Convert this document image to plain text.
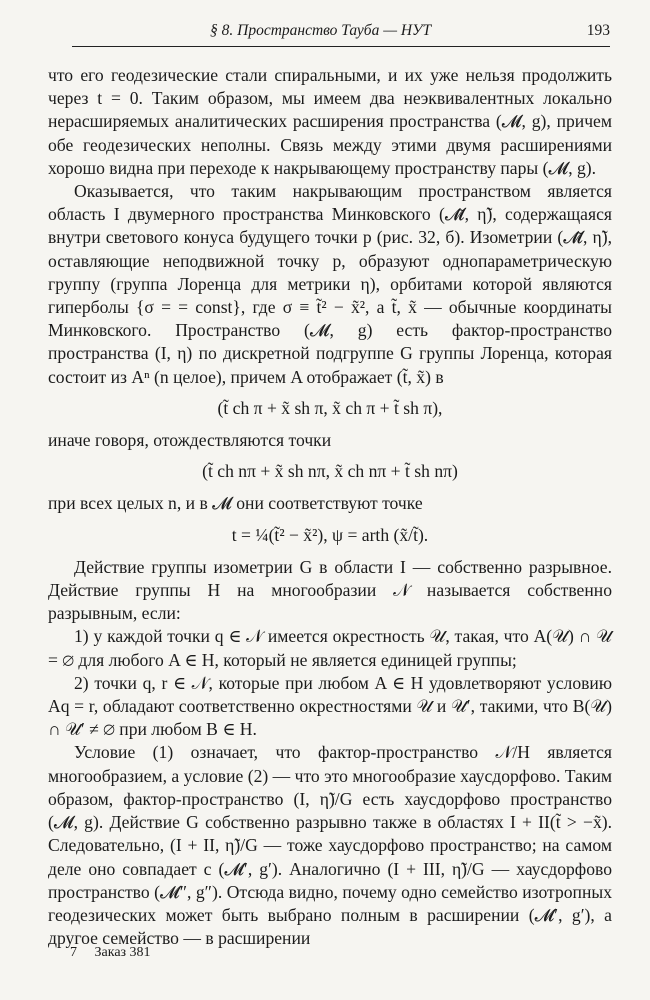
§ 8. Пространство Тауба — НУТ	193

что его геодезические стали спиральными, и их уже нельзя продолжить через t = 0. Таким образом, мы имеем два неэквивалентных локально нерасширяемых аналитических расширения пространства (𝓜, g), причем обе геодезических неполны. Связь между этими двумя расширениями хорошо видна при переходе к накрывающему пространству пары (𝓜, g).

Оказывается, что таким накрывающим пространством является область I двумерного пространства Минковского (𝓜̃, η̃), содержащаяся внутри светового конуса будущего точки p (рис. 32, б). Изометрии (𝓜̃, η̃), оставляющие неподвижной точку p, образуют однопараметрическую группу (группа Лоренца для метрики η), орбитами которой являются гиперболы {σ = = const}, где σ ≡ t̃² − x̃², a t̃, x̃ — обычные координаты Минковского. Пространство (𝓜, g) есть фактор-пространство пространства (I, η) по дискретной подгруппе G группы Лоренца, которая состоит из Aⁿ (n целое), причем A отображает (t̃, x̃) в

(t̃ ch π + x̃ sh π, x̃ ch π + t̃ sh π),

иначе говоря, отождествляются точки

(t̃ ch nπ + x̃ sh nπ, x̃ ch nπ + t̃ sh nπ)

при всех целых n, и в 𝓜 они соответствуют точке

t = ¼(t̃² − x̃²), ψ = arth (x̃/t̃).

Действие группы изометрии G в области I — собственно разрывное. Действие группы H на многообразии 𝒩 называется собственно разрывным, если:

1) у каждой точки q ∈ 𝒩 имеется окрестность 𝒰, такая, что A(𝒰) ∩ 𝒰 = ∅ для любого A ∈ H, который не является единицей группы;

2) точки q, r ∈ 𝒩, которые при любом A ∈ H удовлетворяют условию Aq = r, обладают соответственно окрестностями 𝒰 и 𝒰′, такими, что B(𝒰) ∩ 𝒰′ ≠ ∅ при любом B ∈ H.

Условие (1) означает, что фактор-пространство 𝒩/H является многообразием, а условие (2) — что это многообразие хаусдорфово. Таким образом, фактор-пространство (I, η̃)/G есть хаусдорфово пространство (𝓜, g). Действие G собственно разрывно также в областях I + II(t̃ > −x̃). Следовательно, (I + II, η̃)/G — тоже хаусдорфово пространство; на самом деле оно совпадает с (𝓜′, g′). Аналогично (I + III, η̃)/G — хаусдорфово пространство (𝓜″, g″). Отсюда видно, почему одно семейство изотропных геодезических может быть выбрано полным в расширении (𝓜′, g′), а другое семейство — в расширении

7 Заказ 381
